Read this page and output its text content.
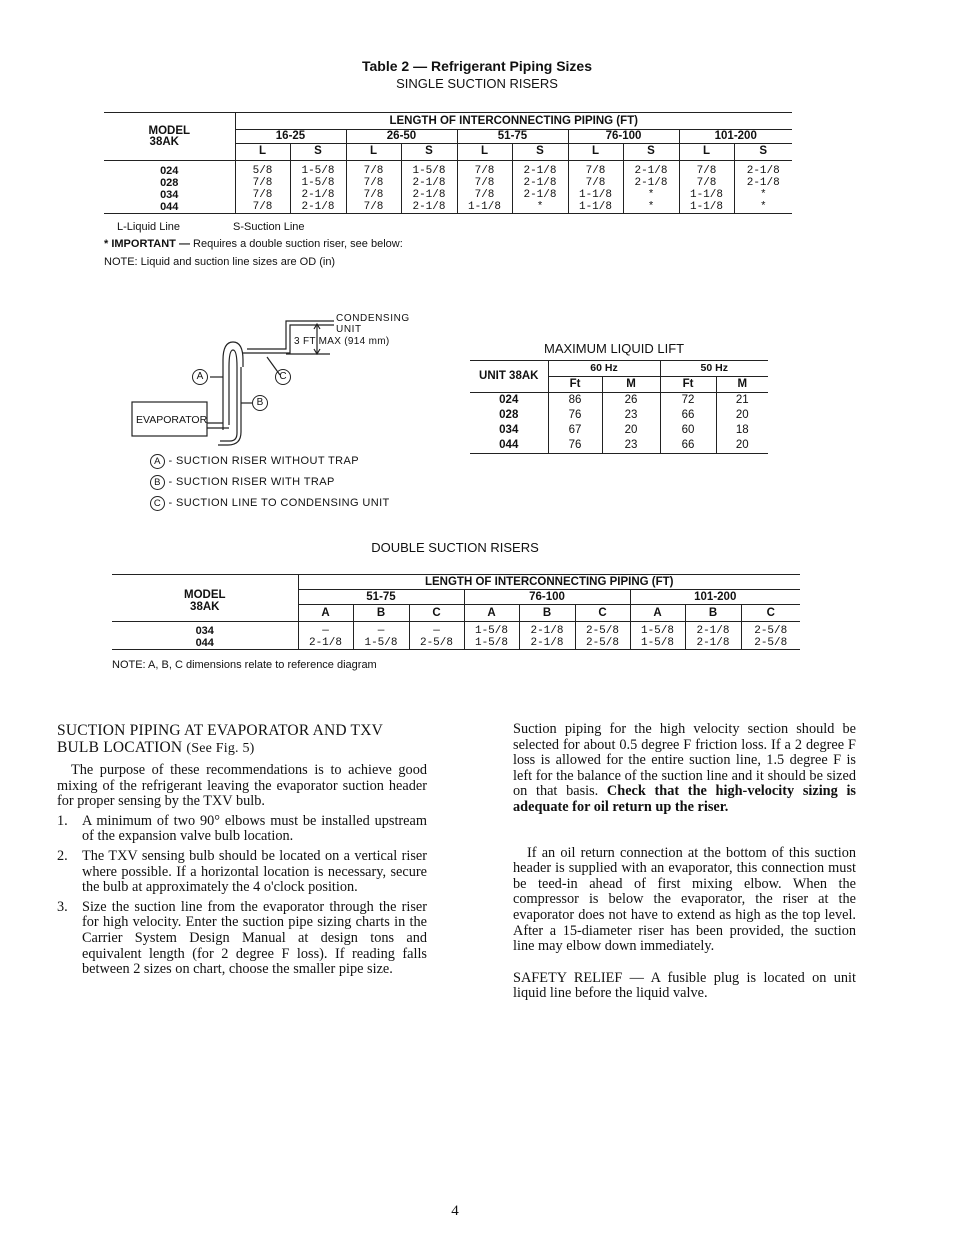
Table 2 — Refrigerant Piping Sizes
SINGLE SUCTION RISERS
MODEL
38AK	LENGTH OF INTERCONNECTING PIPING (FT)									
	16-25		26-50		51-75		76-100		101-200	
	L	S	L	S	L	S	L	S	L	S
024	5/8	1-5/8	7/8	1-5/8	7/8	2-1/8	7/8	2-1/8	7/8	2-1/8
028	7/8	1-5/8	7/8	2-1/8	7/8	2-1/8	7/8	2-1/8	7/8	2-1/8
034	7/8	2-1/8	7/8	2-1/8	7/8	2-1/8	1-1/8	*	1-1/8	*
044	7/8	2-1/8	7/8	2-1/8	1-1/8	*	1-1/8	*	1-1/8	*
L-Liquid Line	S-Suction Line
* IMPORTANT — Requires a double suction riser, see below:
NOTE: Liquid and suction line sizes are OD (in)
CONDENSING
UNIT
3 FT MAX (914 mm)
EVAPORATOR
A
B
C
A - SUCTION RISER WITHOUT TRAP
B - SUCTION RISER WITH TRAP
C - SUCTION LINE TO CONDENSING UNIT
MAXIMUM LIQUID LIFT
UNIT 38AK	60 Hz		50 Hz	
	Ft	M	Ft	M
024	86	26	72	21
028	76	23	66	20
034	67	20	60	18
044	76	23	66	20
DOUBLE SUCTION RISERS
MODEL
38AK	LENGTH OF INTERCONNECTING PIPING (FT)								
	51-75			76-100			101-200		
	A	B	C	A	B	C	A	B	C
034	—	—	—	1-5/8	2-1/8	2-5/8	1-5/8	2-1/8	2-5/8
044	2-1/8	1-5/8	2-5/8	1-5/8	2-1/8	2-5/8	1-5/8	2-1/8	2-5/8
NOTE: A, B, C dimensions relate to reference diagram
SUCTION PIPING AT EVAPORATOR AND TXV BULB LOCATION (See Fig. 5)

The purpose of these recommendations is to achieve good mixing of the refrigerant leaving the evaporator suction header for proper sensing by the TXV bulb.

1. A minimum of two 90° elbows must be installed upstream of the expansion valve bulb location.
2. The TXV sensing bulb should be located on a vertical riser where possible. If a horizontal location is necessary, secure the bulb at approximately the 4 o'clock position.
3. Size the suction line from the evaporator through the riser for high velocity. Enter the suction pipe sizing charts in the Carrier System Design Manual at design tons and equivalent length (for 2 degree F loss). If reading falls between 2 sizes on chart, choose the smaller pipe size.

Suction piping for the high velocity section should be selected for about 0.5 degree F friction loss. If a 2 degree F loss is allowed for the entire suction line, 1.5 degree F is left for the balance of the suction line and it should be sized on that basis. Check that the high-velocity sizing is adequate for oil return up the riser.

If an oil return connection at the bottom of this suction header is supplied with an evaporator, this connection must be teed-in ahead of first mixing elbow. When the compressor is below the evaporator, the riser at the evaporator does not have to extend as high as the top level. After a 15-diameter riser has been provided, the suction line may elbow down immediately.

SAFETY RELIEF — A fusible plug is located on unit liquid line before the liquid valve.

4
